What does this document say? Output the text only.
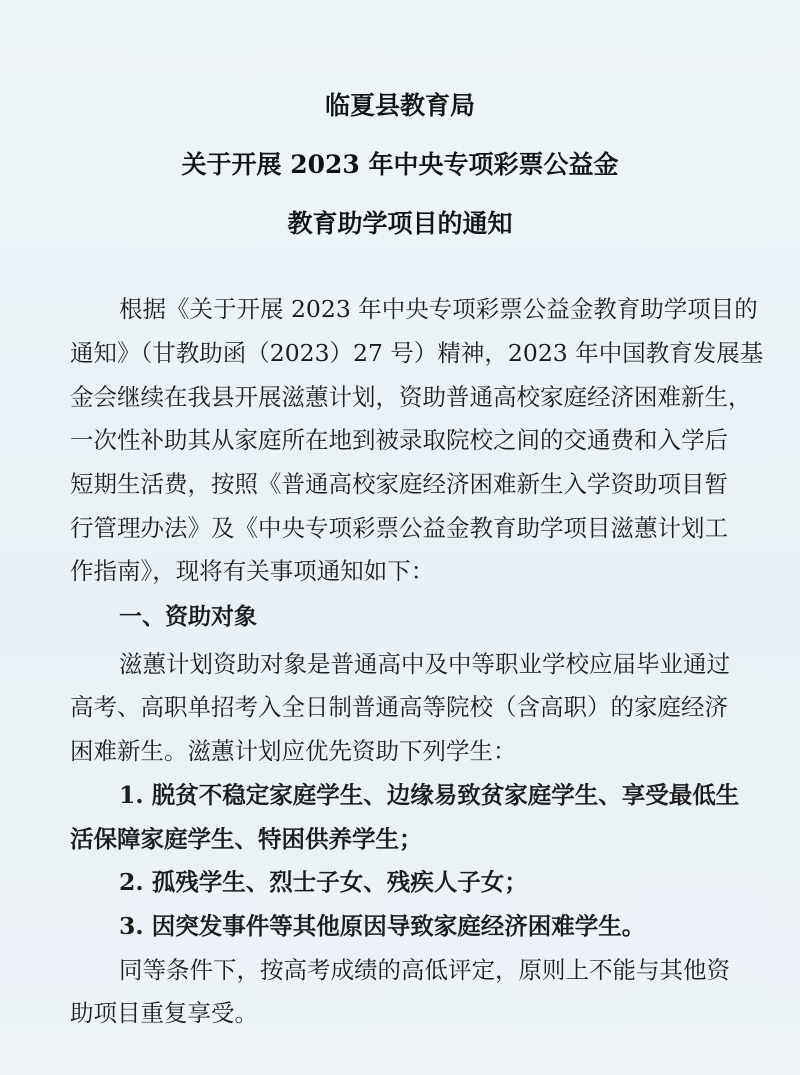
临夏县教育局
关于开展 2023 年中央专项彩票公益金
教育助学项目的通知
根据《关于开展 2023 年中央专项彩票公益金教育助学项目的
通知》（甘教助函（2023）27 号）精神，2023 年中国教育发展基
金会继续在我县开展滋蕙计划，资助普通高校家庭经济困难新生，
一次性补助其从家庭所在地到被录取院校之间的交通费和入学后
短期生活费，按照《普通高校家庭经济困难新生入学资助项目暂
行管理办法》及《中央专项彩票公益金教育助学项目滋蕙计划工
作指南》，现将有关事项通知如下：
一、资助对象
滋蕙计划资助对象是普通高中及中等职业学校应届毕业通过
高考、高职单招考入全日制普通高等院校（含高职）的家庭经济
困难新生。滋蕙计划应优先资助下列学生：
1. 脱贫不稳定家庭学生、边缘易致贫家庭学生、享受最低生
活保障家庭学生、特困供养学生；
2. 孤残学生、烈士子女、残疾人子女；
3. 因突发事件等其他原因导致家庭经济困难学生。
同等条件下，按高考成绩的高低评定，原则上不能与其他资
助项目重复享受。
